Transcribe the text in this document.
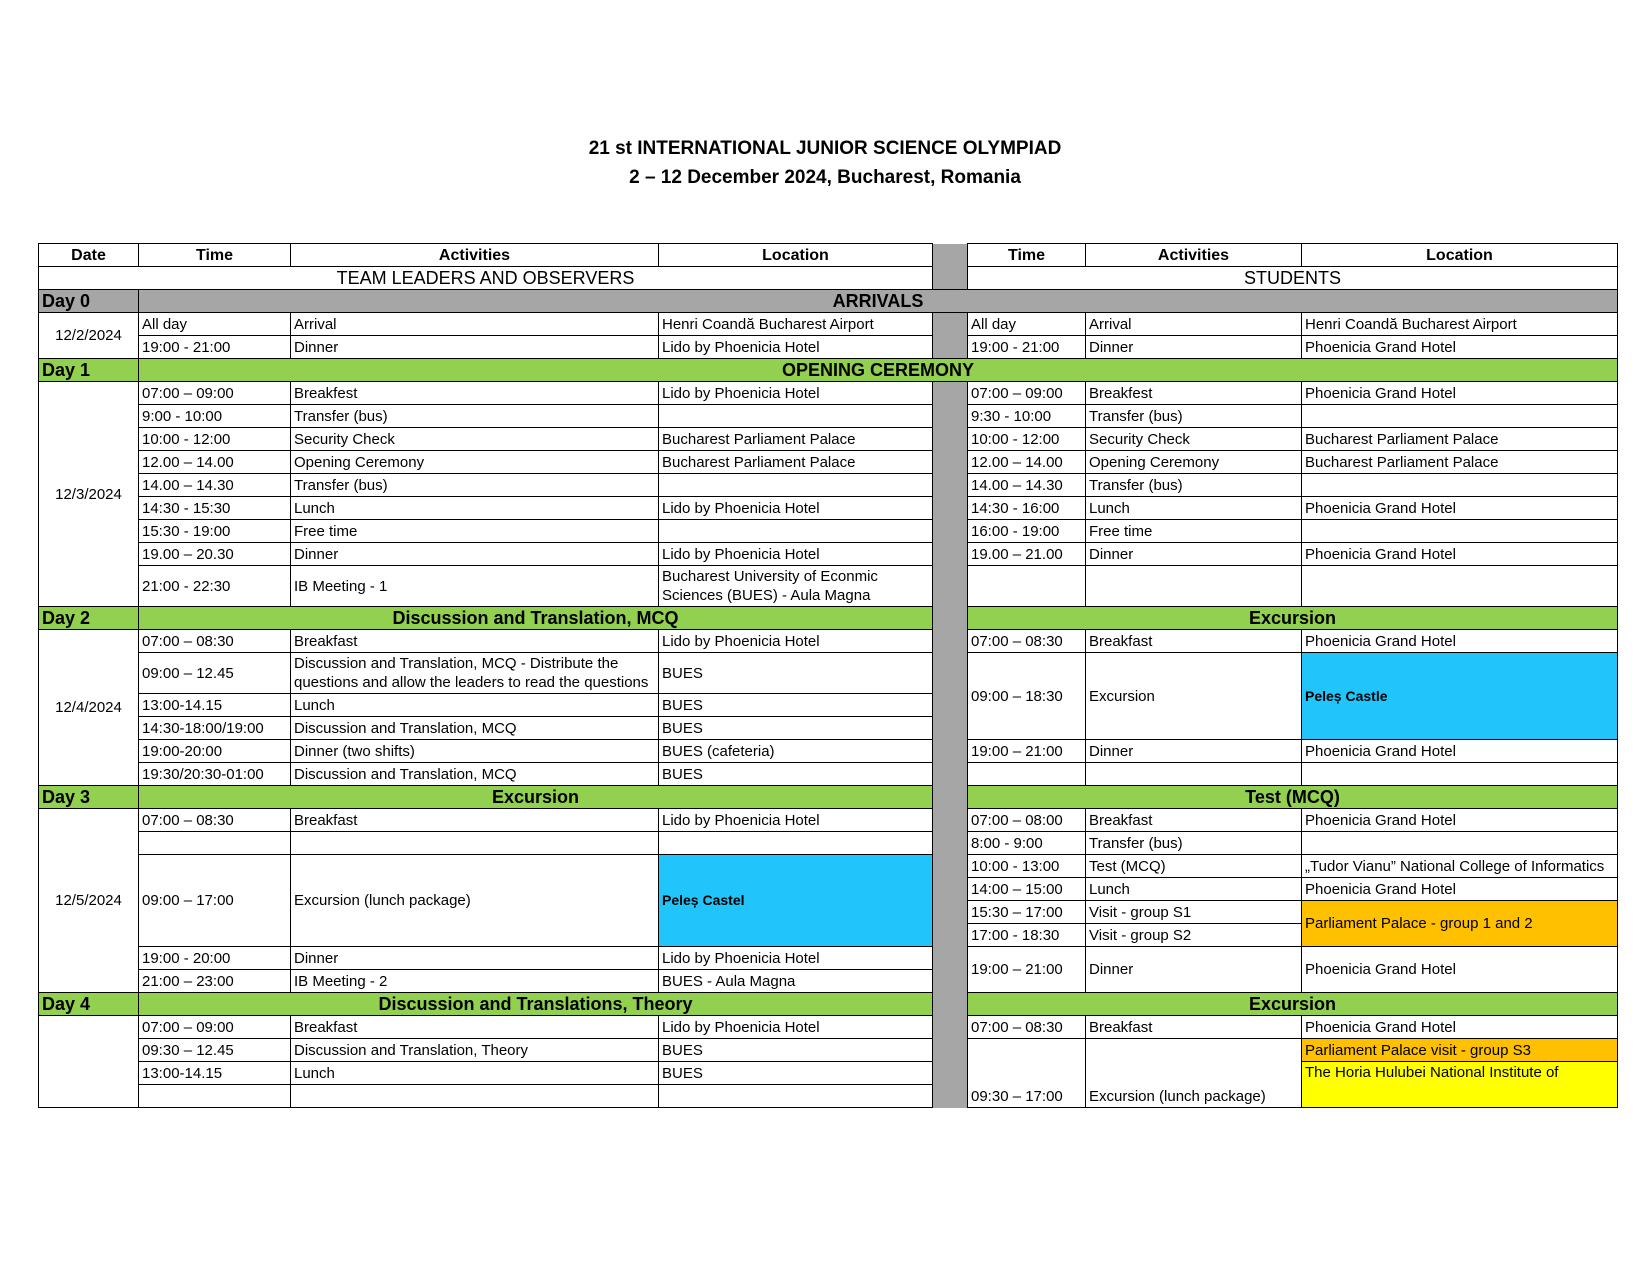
21 st INTERNATIONAL JUNIOR SCIENCE OLYMPIAD
2 – 12 December 2024, Bucharest, Romania
Date	Time	Activities	Location		Time	Activities	Location
TEAM LEADERS AND OBSERVERS					STUDENTS		
Day 0	ARRIVALS						
12/2/2024	All day	Arrival	Henri Coandă Bucharest Airport		All day	Arrival	Henri Coandă Bucharest Airport
	19:00 - 21:00	Dinner	Lido by Phoenicia Hotel		19:00 - 21:00	Dinner	Phoenicia Grand Hotel
Day 1	OPENING CEREMONY						
12/3/2024	07:00 – 09:00	Breakfest	Lido by Phoenicia Hotel		07:00 – 09:00	Breakfest	Phoenicia Grand Hotel
	9:00 - 10:00	Transfer (bus)			9:30 - 10:00	Transfer (bus)	
	10:00 - 12:00	Security Check	Bucharest Parliament Palace		10:00 - 12:00	Security Check	Bucharest Parliament Palace
	12.00 – 14.00	Opening Ceremony	Bucharest Parliament Palace		12.00 – 14.00	Opening Ceremony	Bucharest Parliament Palace
	14.00 – 14.30	Transfer (bus)			14.00 – 14.30	Transfer (bus)	
	14:30 - 15:30	Lunch	Lido by Phoenicia Hotel		14:30 - 16:00	Lunch	Phoenicia Grand Hotel
	15:30 - 19:00	Free time			16:00 - 19:00	Free time	
	19.00 – 20.30	Dinner	Lido by Phoenicia Hotel		19.00 – 21.00	Dinner	Phoenicia Grand Hotel
	21:00 - 22:30	IB Meeting - 1	Bucharest University of Econmic Sciences (BUES) - Aula Magna				
Day 2	Discussion and Translation, MCQ				Excursion		
12/4/2024	07:00 – 08:30	Breakfast	Lido by Phoenicia Hotel		07:00 – 08:30	Breakfast	Phoenicia Grand Hotel
	09:00 – 12.45	Discussion and Translation, MCQ - Distribute the questions and allow the leaders to read the questions	BUES		09:00 – 18:30	Excursion	Peleș Castle
	13:00-14.15	Lunch	BUES				
	14:30-18:00/19:00	Discussion and Translation, MCQ	BUES				
	19:00-20:00	Dinner (two shifts)	BUES (cafeteria)		19:00 – 21:00	Dinner	Phoenicia Grand Hotel
	19:30/20:30-01:00	Discussion and Translation, MCQ	BUES				
Day 3	Excursion				Test (MCQ)		
12/5/2024	07:00 – 08:30	Breakfast	Lido by Phoenicia Hotel		07:00 – 08:00	Breakfast	Phoenicia Grand Hotel
					8:00 - 9:00	Transfer (bus)	
	09:00 – 17:00	Excursion (lunch package)	Peleș Castel		10:00 - 13:00	Test (MCQ)	„Tudor Vianu” National College of Informatics
					14:00 – 15:00	Lunch	Phoenicia Grand Hotel
					15:30 – 17:00	Visit - group S1	Parliament Palace - group 1 and 2
					17:00 - 18:30	Visit - group S2	
	19:00 - 20:00	Dinner	Lido by Phoenicia Hotel		19:00 – 21:00	Dinner	Phoenicia Grand Hotel
	21:00 – 23:00	IB Meeting - 2	BUES - Aula Magna				
Day 4	Discussion and Translations, Theory				Excursion		
	07:00 – 09:00	Breakfast	Lido by Phoenicia Hotel		07:00 – 08:30	Breakfast	Phoenicia Grand Hotel
	09:30 – 12.45	Discussion and Translation, Theory	BUES		09:30 – 17:00	Excursion (lunch package)	Parliament Palace visit - group S3
	13:00-14.15	Lunch	BUES				The Horia Hulubei National Institute of
